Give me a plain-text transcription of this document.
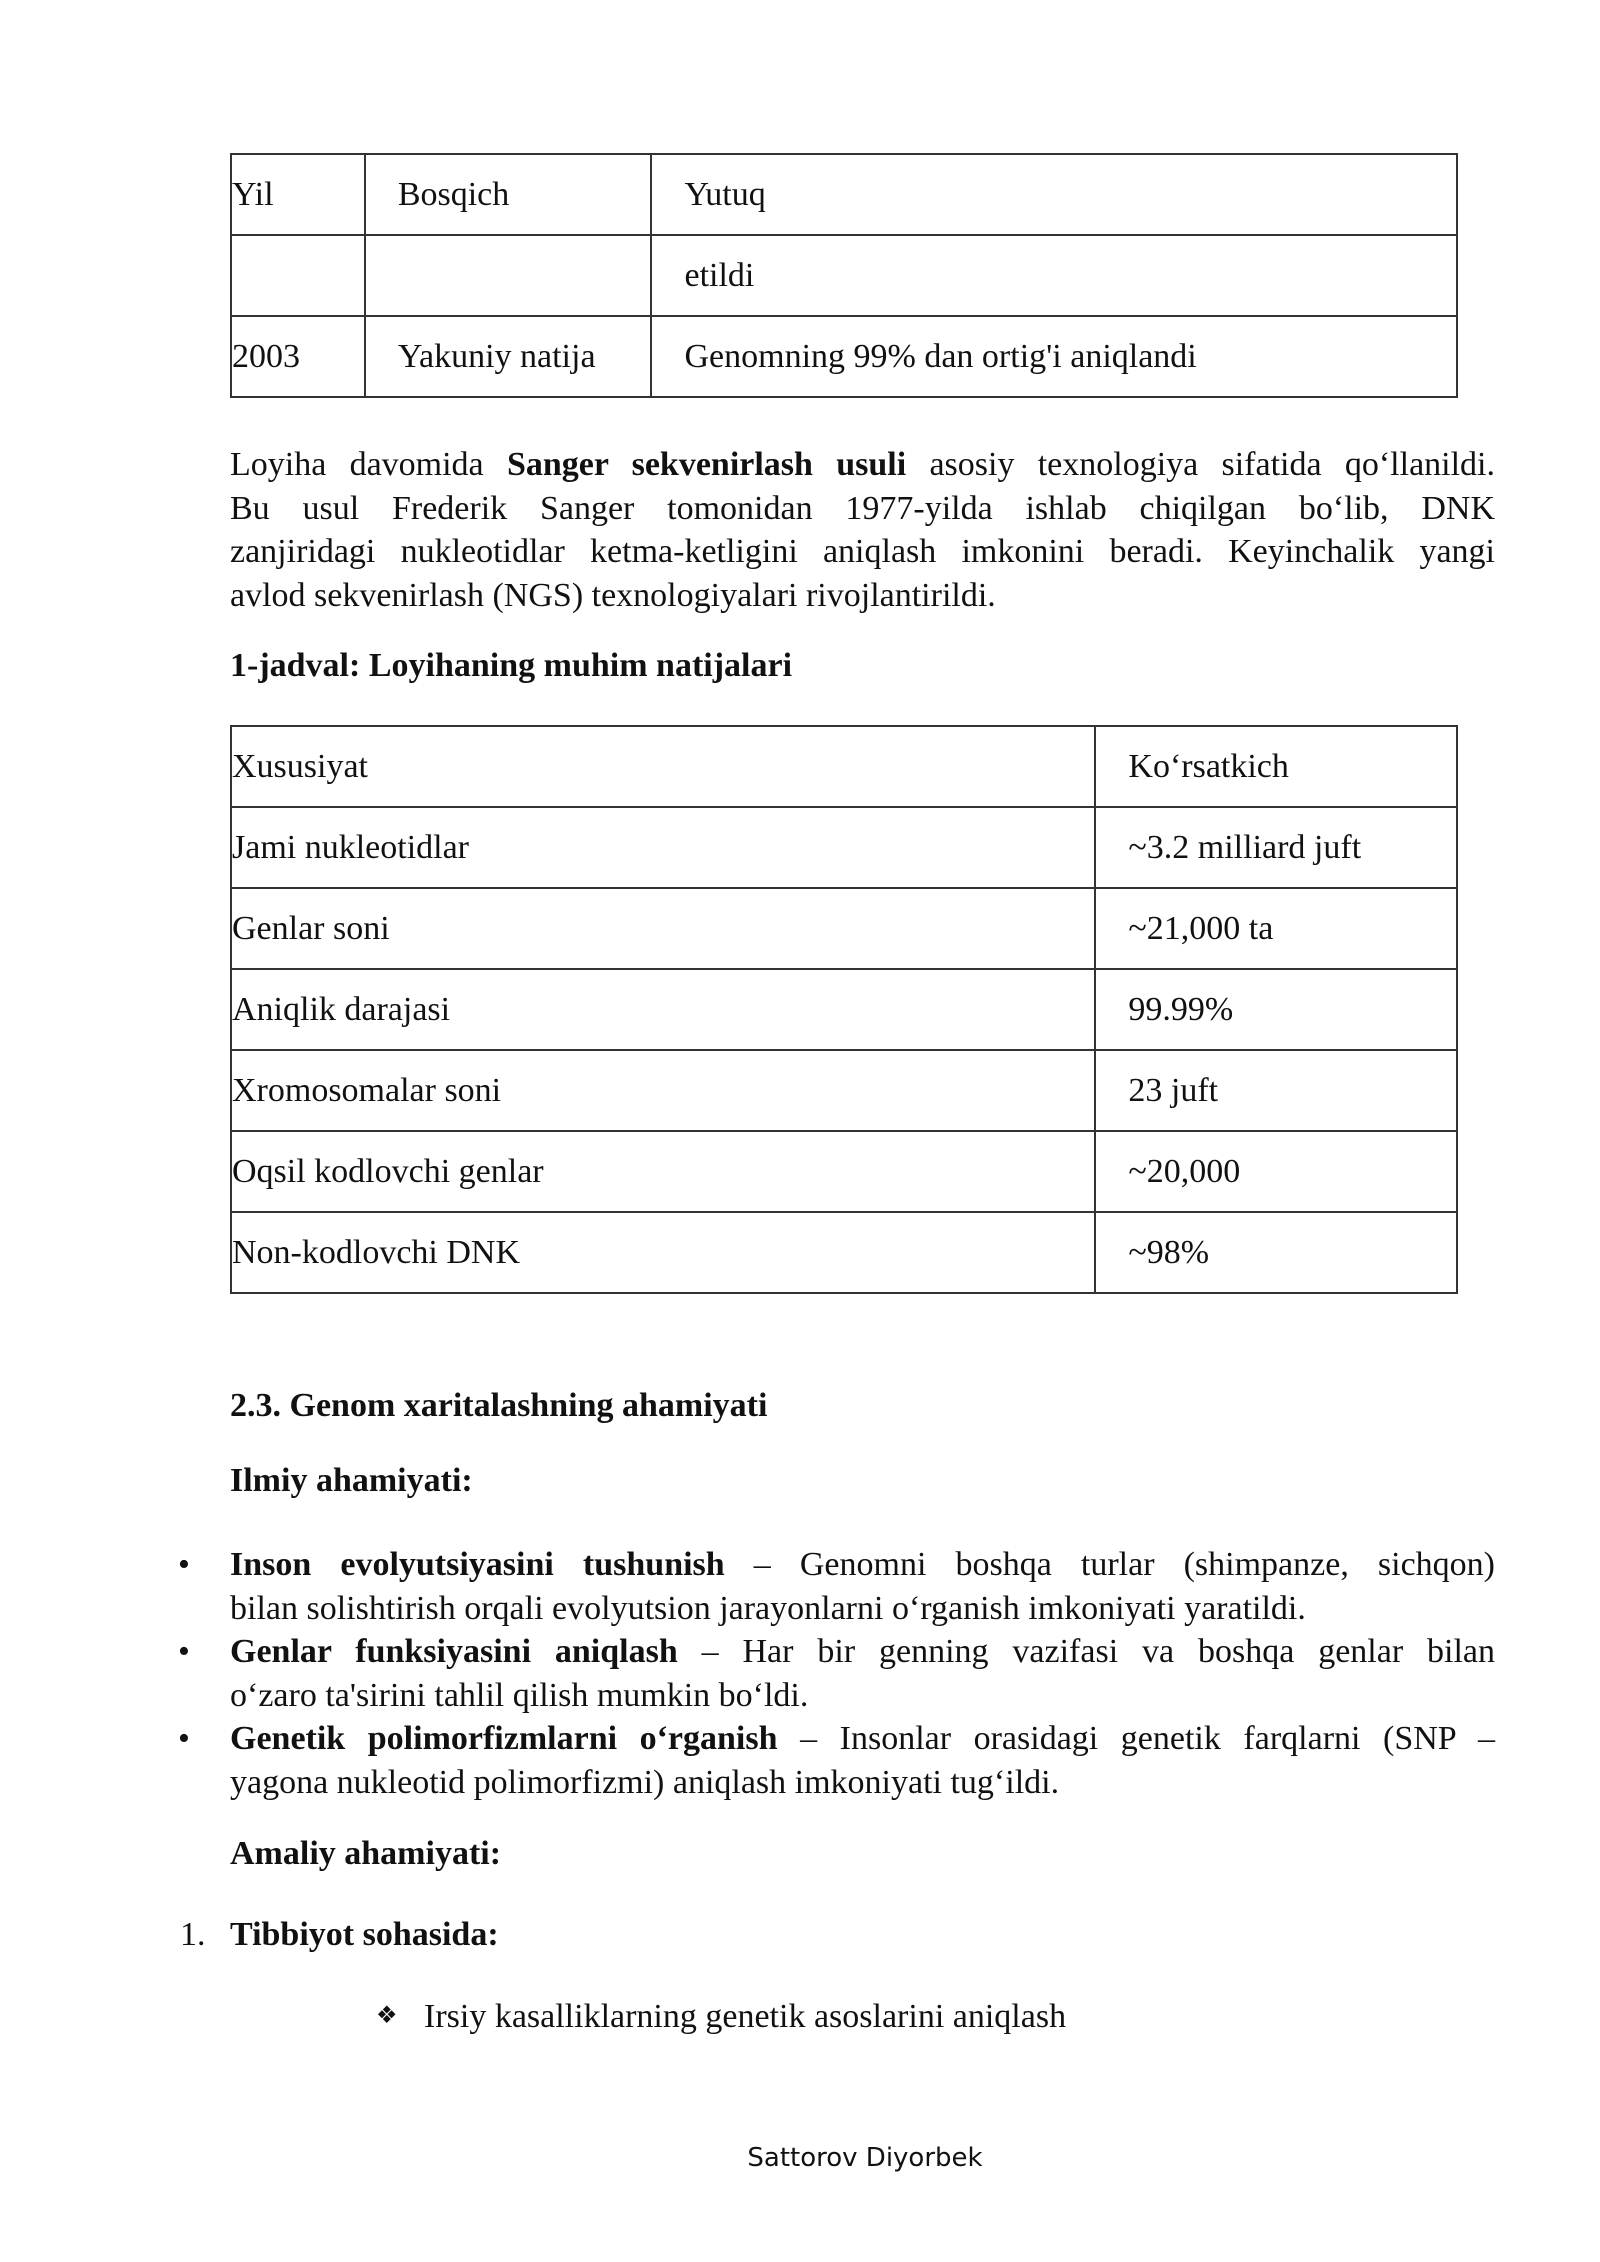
Yil	Bosqich	Yutuq
		etildi
2003	Yakuniy natija	Genomning 99% dan ortig'i aniqlandi
Loyiha davomida Sanger sekvenirlash usuli asosiy texnologiya sifatida qo‘llanildi.
Bu usul Frederik Sanger tomonidan 1977-yilda ishlab chiqilgan bo‘lib, DNK
zanjiridagi nukleotidlar ketma-ketligini aniqlash imkonini beradi. Keyinchalik yangi
avlod sekvenirlash (NGS) texnologiyalari rivojlantirildi.
1-jadval: Loyihaning muhim natijalari
Xususiyat	Ko‘rsatkich
Jami nukleotidlar	~3.2 milliard juft
Genlar soni	~21,000 ta
Aniqlik darajasi	99.99%
Xromosomalar soni	23 juft
Oqsil kodlovchi genlar	~20,000
Non-kodlovchi DNK	~98%
2.3. Genom xaritalashning ahamiyati
Ilmiy ahamiyati:
• Inson evolyutsiyasini tushunish – Genomni boshqa turlar (shimpanze, sichqon)
bilan solishtirish orqali evolyutsion jarayonlarni o‘rganish imkoniyati yaratildi.
• Genlar funksiyasini aniqlash – Har bir genning vazifasi va boshqa genlar bilan
o‘zaro ta'sirini tahlil qilish mumkin bo‘ldi.
• Genetik polimorfizmlarni o‘rganish – Insonlar orasidagi genetik farqlarni (SNP –
yagona nukleotid polimorfizmi) aniqlash imkoniyati tug‘ildi.
Amaliy ahamiyati:
1. Tibbiyot sohasida:
❖ Irsiy kasalliklarning genetik asoslarini aniqlash
Sattorov Diyorbek
